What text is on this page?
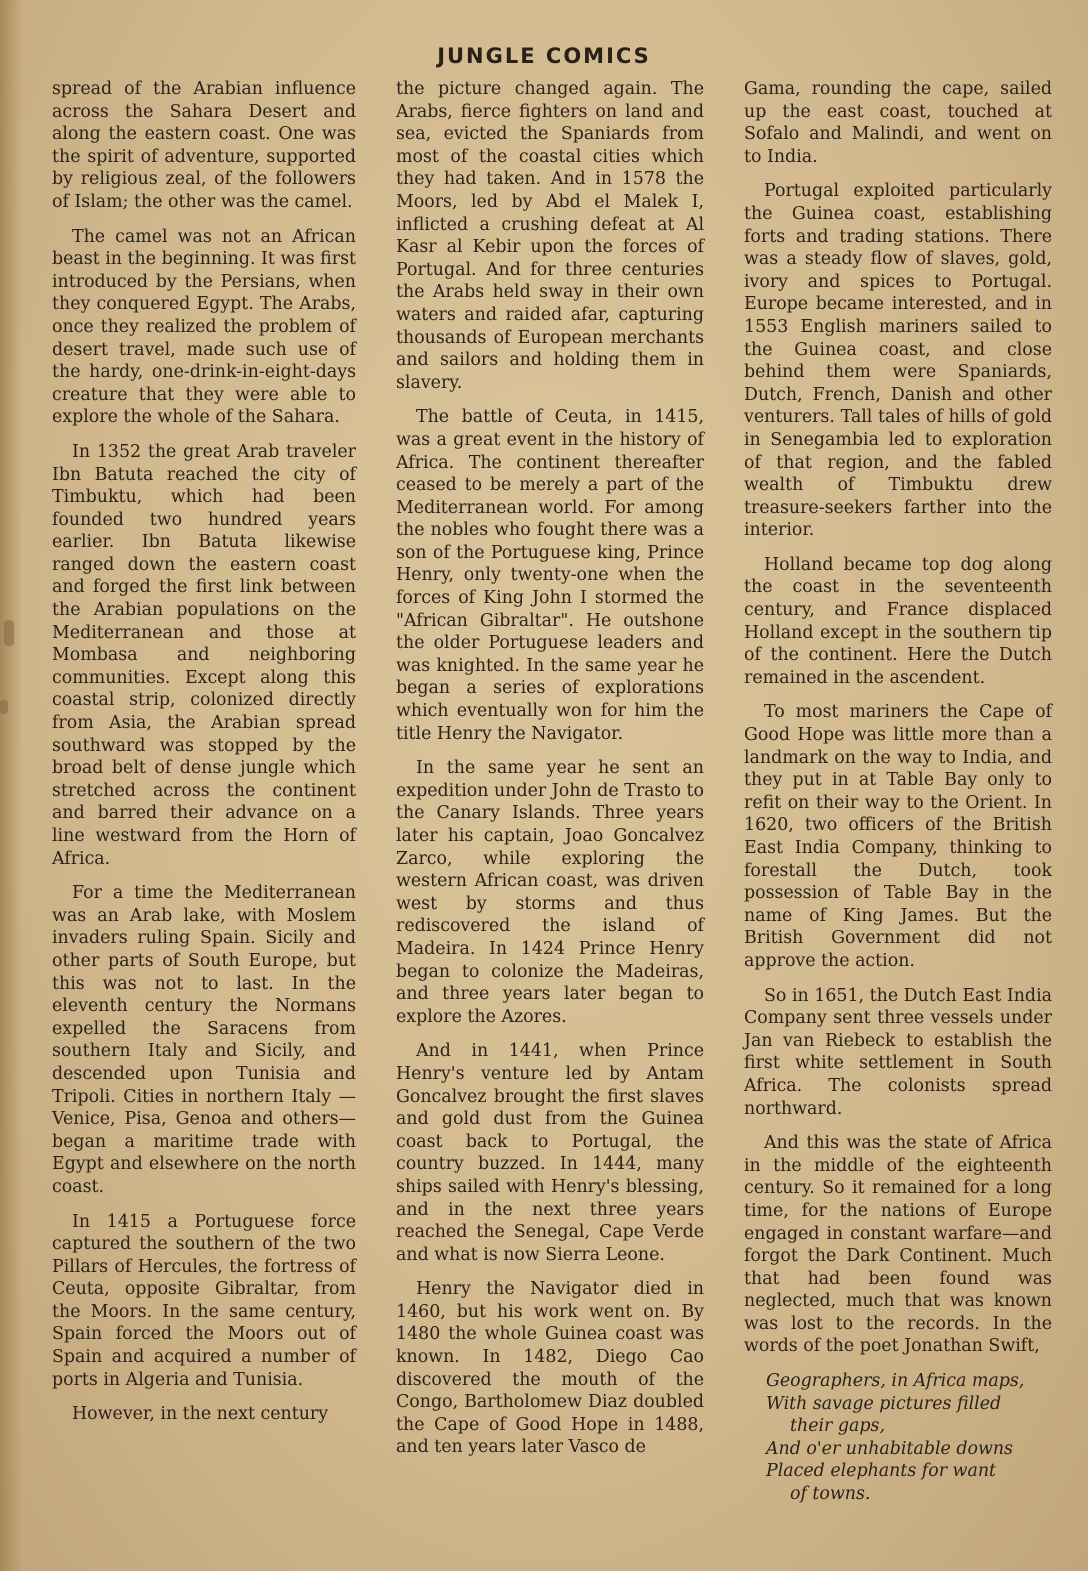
JUNGLE COMICS

spread of the Arabian influence across the Sahara Desert and along the eastern coast. One was the spirit of adventure, supported by religious zeal, of the followers of Islam; the other was the camel.

The camel was not an African beast in the beginning. It was first introduced by the Persians, when they conquered Egypt. The Arabs, once they realized the problem of desert travel, made such use of the hardy, one-drink-in-eight-days creature that they were able to explore the whole of the Sahara.

In 1352 the great Arab traveler Ibn Batuta reached the city of Timbuktu, which had been founded two hundred years earlier. Ibn Batuta likewise ranged down the eastern coast and forged the first link between the Arabian populations on the Mediterranean and those at Mombasa and neighboring communities. Except along this coastal strip, colonized directly from Asia, the Arabian spread southward was stopped by the broad belt of dense jungle which stretched across the continent and barred their advance on a line westward from the Horn of Africa.

For a time the Mediterranean was an Arab lake, with Moslem invaders ruling Spain. Sicily and other parts of South Europe, but this was not to last. In the eleventh century the Normans expelled the Saracens from southern Italy and Sicily, and descended upon Tunisia and Tripoli. Cities in northern Italy —Venice, Pisa, Genoa and others—began a maritime trade with Egypt and elsewhere on the north coast.

In 1415 a Portuguese force captured the southern of the two Pillars of Hercules, the fortress of Ceuta, opposite Gibraltar, from the Moors. In the same century, Spain forced the Moors out of Spain and acquired a number of ports in Algeria and Tunisia.

However, in the next century

the picture changed again. The Arabs, fierce fighters on land and sea, evicted the Spaniards from most of the coastal cities which they had taken. And in 1578 the Moors, led by Abd el Malek I, inflicted a crushing defeat at Al Kasr al Kebir upon the forces of Portugal. And for three centuries the Arabs held sway in their own waters and raided afar, capturing thousands of European merchants and sailors and holding them in slavery.

The battle of Ceuta, in 1415, was a great event in the history of Africa. The continent thereafter ceased to be merely a part of the Mediterranean world. For among the nobles who fought there was a son of the Portuguese king, Prince Henry, only twenty-one when the forces of King John I stormed the "African Gibraltar". He outshone the older Portuguese leaders and was knighted. In the same year he began a series of explorations which eventually won for him the title Henry the Navigator.

In the same year he sent an expedition under John de Trasto to the Canary Islands. Three years later his captain, Joao Goncalvez Zarco, while exploring the western African coast, was driven west by storms and thus rediscovered the island of Madeira. In 1424 Prince Henry began to colonize the Madeiras, and three years later began to explore the Azores.

And in 1441, when Prince Henry's venture led by Antam Goncalvez brought the first slaves and gold dust from the Guinea coast back to Portugal, the country buzzed. In 1444, many ships sailed with Henry's blessing, and in the next three years reached the Senegal, Cape Verde and what is now Sierra Leone.

Henry the Navigator died in 1460, but his work went on. By 1480 the whole Guinea coast was known. In 1482, Diego Cao discovered the mouth of the Congo, Bartholomew Diaz doubled the Cape of Good Hope in 1488, and ten years later Vasco de

Gama, rounding the cape, sailed up the east coast, touched at Sofalo and Malindi, and went on to India.

Portugal exploited particularly the Guinea coast, establishing forts and trading stations. There was a steady flow of slaves, gold, ivory and spices to Portugal. Europe became interested, and in 1553 English mariners sailed to the Guinea coast, and close behind them were Spaniards, Dutch, French, Danish and other venturers. Tall tales of hills of gold in Senegambia led to exploration of that region, and the fabled wealth of Timbuktu drew treasure-seekers farther into the interior.

Holland became top dog along the coast in the seventeenth century, and France displaced Holland except in the southern tip of the continent. Here the Dutch remained in the ascendent.

To most mariners the Cape of Good Hope was little more than a landmark on the way to India, and they put in at Table Bay only to refit on their way to the Orient. In 1620, two officers of the British East India Company, thinking to forestall the Dutch, took possession of Table Bay in the name of King James. But the British Government did not approve the action.

So in 1651, the Dutch East India Company sent three vessels under Jan van Riebeck to establish the first white settlement in South Africa. The colonists spread northward.

And this was the state of Africa in the middle of the eighteenth century. So it remained for a long time, for the nations of Europe engaged in constant warfare—and forgot the Dark Continent. Much that had been found was neglected, much that was known was lost to the records. In the words of the poet Jonathan Swift,

Geographers, in Africa maps,
With savage pictures filled
their gaps,
And o'er unhabitable downs
Placed elephants for want
of towns.
